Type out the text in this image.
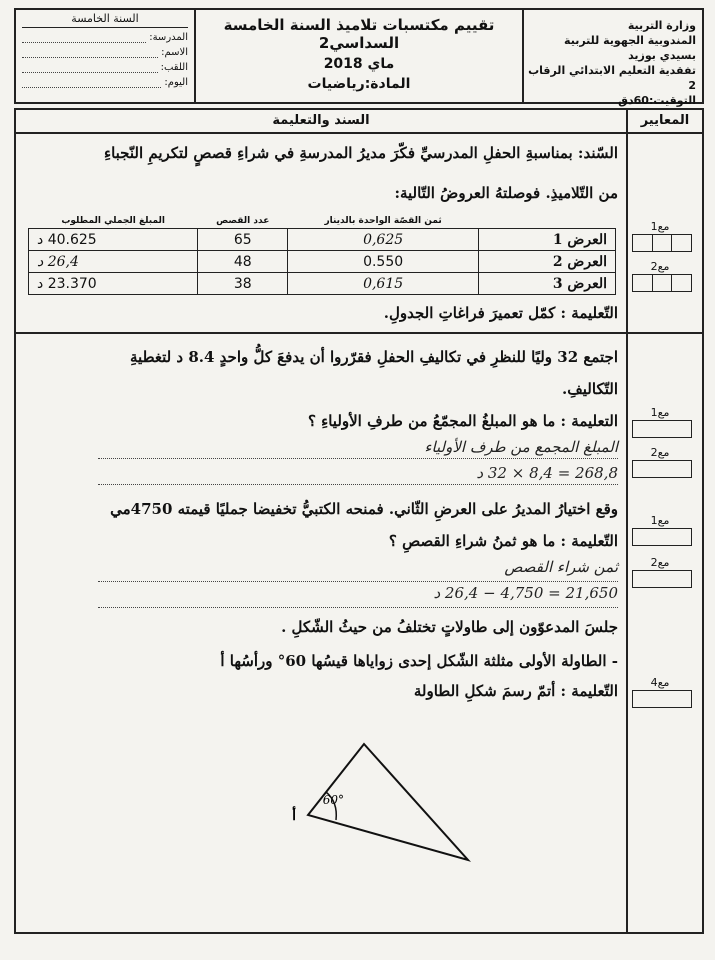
وزارة التربية
المندوبية الجهوية للتربية بسيدي بوزيد
تفقدية التعليم الابتدائي الرقاب 2
التوقيت:60دق
تقييم مكتسبات تلاميذ السنة الخامسة السداسي2
ماي 2018
المادة:رياضيات
السنة الخامسة
المدرسة:
الاسم:
اللقب:
اليوم:
المعايير
السند والتعليمة

السّند: بمناسبةِ الحفلِ المدرسيِّ فكّرَ مديرُ المدرسةِ في شراءِ قصصٍ لتكريمِ النّجباءِ

من التّلاميذِ. فوصلتهُ العروضُ التّالية:

	ثمن القصّة الواحدة بالدينار	عدد القصص	المبلغ الجملي المطلوب
العرض 1	0,625	65	40.625 د
العرض 2	0.550	48	26,4 د
العرض 3	0,615	38	23.370 د

التّعليمة : كمّل تعميرَ فراغاتِ الجدولِ.

مع1
مع2

اجتمع 32 وليًا للنظرِ في تكاليفِ الحفلِ فقرّروا أن يدفعَ كلُّ واحدٍ 8.4 د لتغطيةِ

التّكاليفِ.

التعليمة : ما هو المبلغُ المجمّعُ من طرفِ الأولياءِ ؟

المبلغ المجمع من طرف الأولياء

268,8 = 8,4 × 32 د

مع1
مع2

وقع اختيارُ المديرُ على العرضِ الثّاني. فمنحه الكتبيُّ تخفيضا جمليًا قيمته 4750مي

التّعليمة : ما هو ثمنُ شراءِ القصصِ ؟

ثمن شراء القصص

21,650 = 4,750 − 26,4 د

مع1
مع2

جلسَ المدعوّون إلى طاولاتٍ تختلفُ من حيثُ الشّكلِ .

- الطاولة الأولى مثلثة الشّكل إحدى زواياها قيسُها 60° ورأسُها أ

التّعليمة : أتمّ رسمَ شكلِ الطاولة	مع4
أ
60°
